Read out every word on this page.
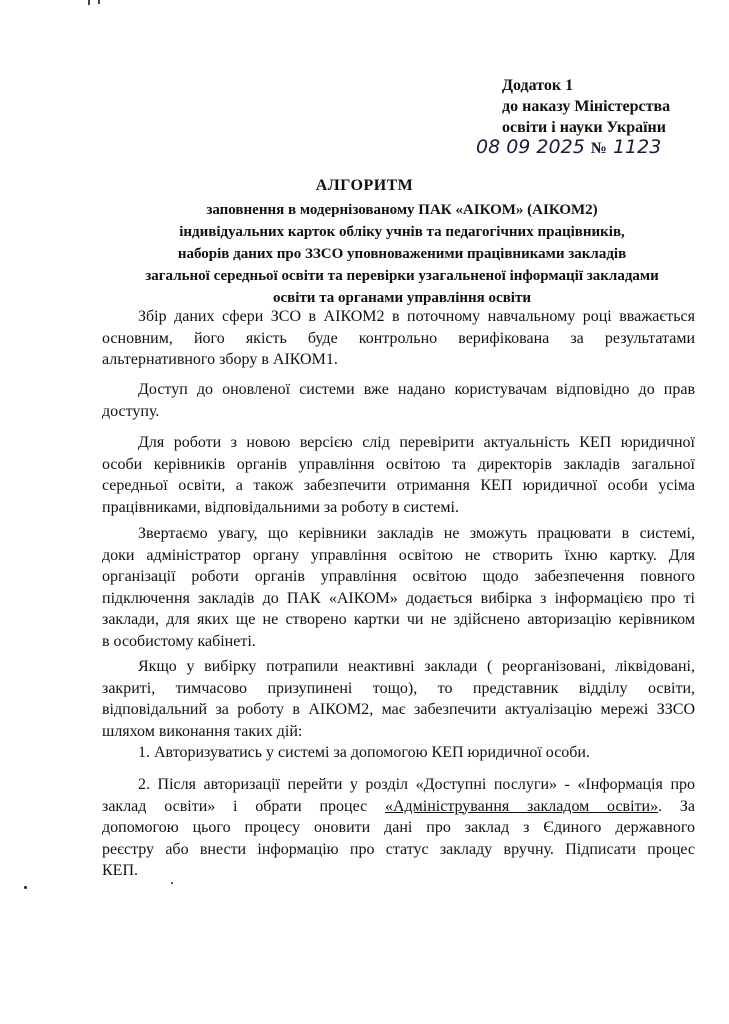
Додаток 1
до наказу Міністерства
освіти і науки України
08 09 2025 № 1123
АЛГОРИТМ
заповнення в модернізованому ПАК «АІКОМ» (АІКОМ2)
індивідуальних карток обліку учнів та педагогічних працівників,
наборів даних про ЗЗСО уповноваженими працівниками закладів
загальної середньої освіти та перевірки узагальненої інформації закладами
освіти та органами управління освіти
Збір даних сфери ЗСО в АІКОМ2 в поточному навчальному році вважається
основним, його якість буде контрольно верифікована за результатами
альтернативного збору в АІКОМ1.
Доступ до оновленої системи вже надано користувачам відповідно до прав
доступу.
Для роботи з новою версією слід перевірити актуальність КЕП юридичної
особи керівників органів управління освітою та директорів закладів загальної
середньої освіти, а також забезпечити отримання КЕП юридичної особи усіма
працівниками, відповідальними за роботу в системі.
Звертаємо увагу, що керівники закладів не зможуть працювати в системі,
доки адміністратор органу управління освітою не створить їхню картку. Для
організації роботи органів управління освітою щодо забезпечення повного
підключення закладів до ПАК «АІКОМ» додається вибірка з інформацією про ті
заклади, для яких ще не створено картки чи не здійснено авторизацію керівником
в особистому кабінеті.
Якщо у вибірку потрапили неактивні заклади ( реорганізовані, ліквідовані,
закриті, тимчасово призупинені тощо), то представник відділу освіти,
відповідальний за роботу в АІКОМ2, має забезпечити актуалізацію мережі ЗЗСО
шляхом виконання таких дій:
1. Авторизуватись у системі за допомогою КЕП юридичної особи.
2. Після авторизації перейти у розділ «Доступні послуги» - «Інформація про
заклад освіти» і обрати процес «Адміністрування закладом освіти». За
допомогою цього процесу оновити дані про заклад з Єдиного державного
реєстру або внести інформацію про статус закладу вручну. Підписати процес
КЕП.
